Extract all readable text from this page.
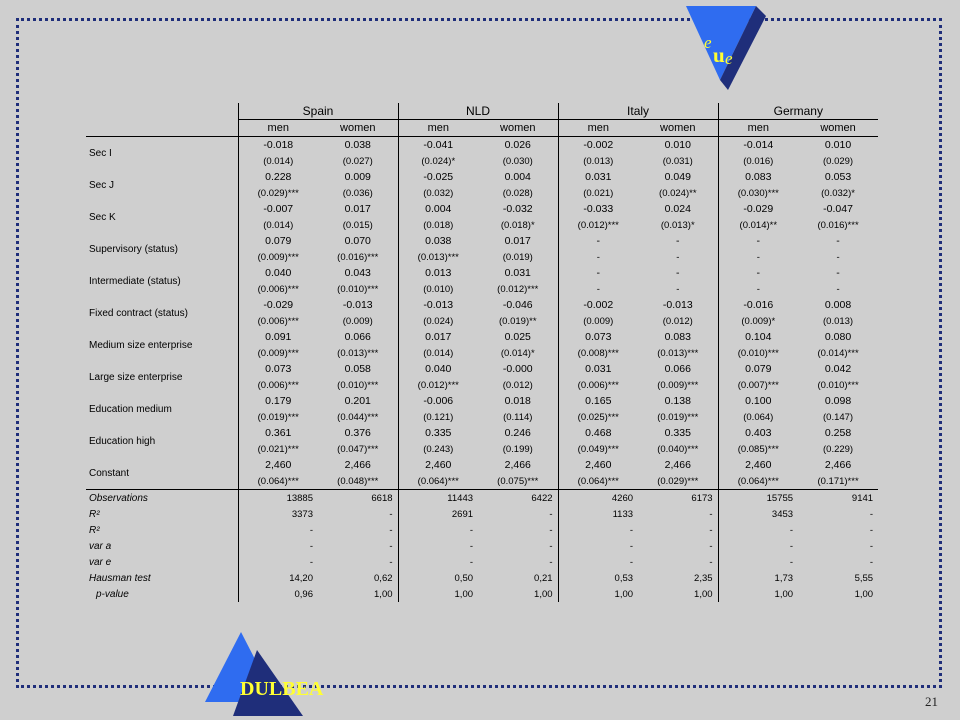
e
u e
DULBEA
21
	Spain		NLD		Italy		Germany	
	men	women	men	women	men	women	men	women
Sec I	-0.018	0.038	-0.041	0.026	-0.002	0.010	-0.014	0.010
	(0.014)	(0.027)	(0.024)*	(0.030)	(0.013)	(0.031)	(0.016)	(0.029)
Sec J	0.228	0.009	-0.025	0.004	0.031	0.049	0.083	0.053
	(0.029)***	(0.036)	(0.032)	(0.028)	(0.021)	(0.024)**	(0.030)***	(0.032)*
Sec K	-0.007	0.017	0.004	-0.032	-0.033	0.024	-0.029	-0.047
	(0.014)	(0.015)	(0.018)	(0.018)*	(0.012)***	(0.013)*	(0.014)**	(0.016)***
Supervisory (status)	0.079	0.070	0.038	0.017	-	-	-	-
	(0.009)***	(0.016)***	(0.013)***	(0.019)	-	-	-	-
Intermediate (status)	0.040	0.043	0.013	0.031	-	-	-	-
	(0.006)***	(0.010)***	(0.010)	(0.012)***	-	-	-	-
Fixed contract (status)	-0.029	-0.013	-0.013	-0.046	-0.002	-0.013	-0.016	0.008
	(0.006)***	(0.009)	(0.024)	(0.019)**	(0.009)	(0.012)	(0.009)*	(0.013)
Medium size enterprise	0.091	0.066	0.017	0.025	0.073	0.083	0.104	0.080
	(0.009)***	(0.013)***	(0.014)	(0.014)*	(0.008)***	(0.013)***	(0.010)***	(0.014)***
Large size enterprise	0.073	0.058	0.040	-0.000	0.031	0.066	0.079	0.042
	(0.006)***	(0.010)***	(0.012)***	(0.012)	(0.006)***	(0.009)***	(0.007)***	(0.010)***
Education medium	0.179	0.201	-0.006	0.018	0.165	0.138	0.100	0.098
	(0.019)***	(0.044)***	(0.121)	(0.114)	(0.025)***	(0.019)***	(0.064)	(0.147)
Education high	0.361	0.376	0.335	0.246	0.468	0.335	0.403	0.258
	(0.021)***	(0.047)***	(0.243)	(0.199)	(0.049)***	(0.040)***	(0.085)***	(0.229)
Constant	2,460	2,466	2,460	2,466	2,460	2,466	2,460	2,466
	(0.064)***	(0.048)***	(0.064)***	(0.075)***	(0.064)***	(0.029)***	(0.064)***	(0.171)***
Observations	13885	6618	11443	6422	4260	6173	15755	9141
R²	3373	-	2691	-	1133	-	3453	-
R²	-	-	-	-	-	-	-	-
var a	-	-	-	-	-	-	-	-
var e	-	-	-	-	-	-	-	-
Hausman test	14,20	0,62	0,50	0,21	0,53	2,35	1,73	5,55
p-value	0,96	1,00	1,00	1,00	1,00	1,00	1,00	1,00
